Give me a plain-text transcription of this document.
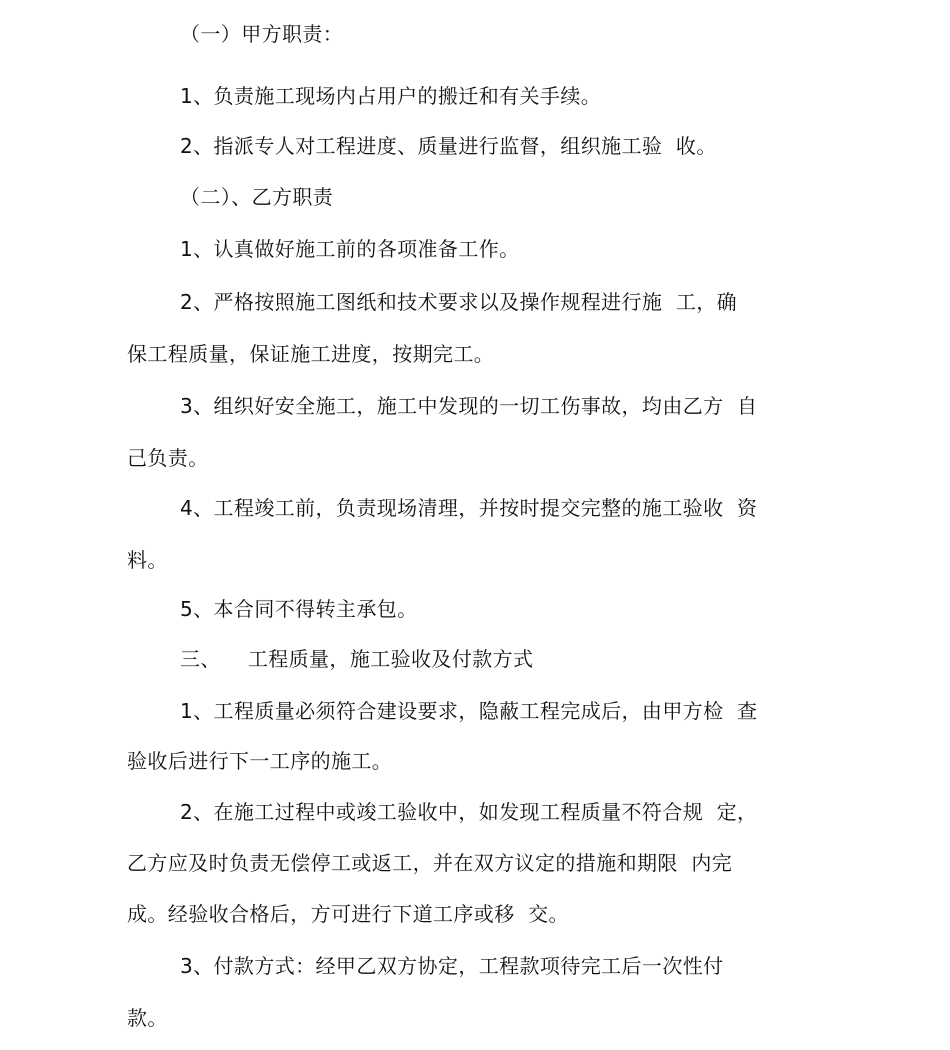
（一）甲方职责：

1、负责施工现场内占用户的搬迁和有关手续。

2、指派专人对工程进度、质量进行监督，组织施工验  收。

（二）、乙方职责

1、认真做好施工前的各项准备工作。

2、严格按照施工图纸和技术要求以及操作规程进行施  工，确

保工程质量，保证施工进度，按期完工。

3、组织好安全施工，施工中发现的一切工伤事故，均由乙方  自

己负责。

4、工程竣工前，负责现场清理，并按时提交完整的施工验收  资

料。

5、本合同不得转主承包。

三、    工程质量，施工验收及付款方式

1、工程质量必须符合建设要求，隐蔽工程完成后，由甲方检  查

验收后进行下一工序的施工。

2、在施工过程中或竣工验收中，如发现工程质量不符合规  定，

乙方应及时负责无偿停工或返工，并在双方议定的措施和期限  内完

成。经验收合格后，方可进行下道工序或移  交。

3、付款方式：经甲乙双方协定，工程款项待完工后一次性付

款。
